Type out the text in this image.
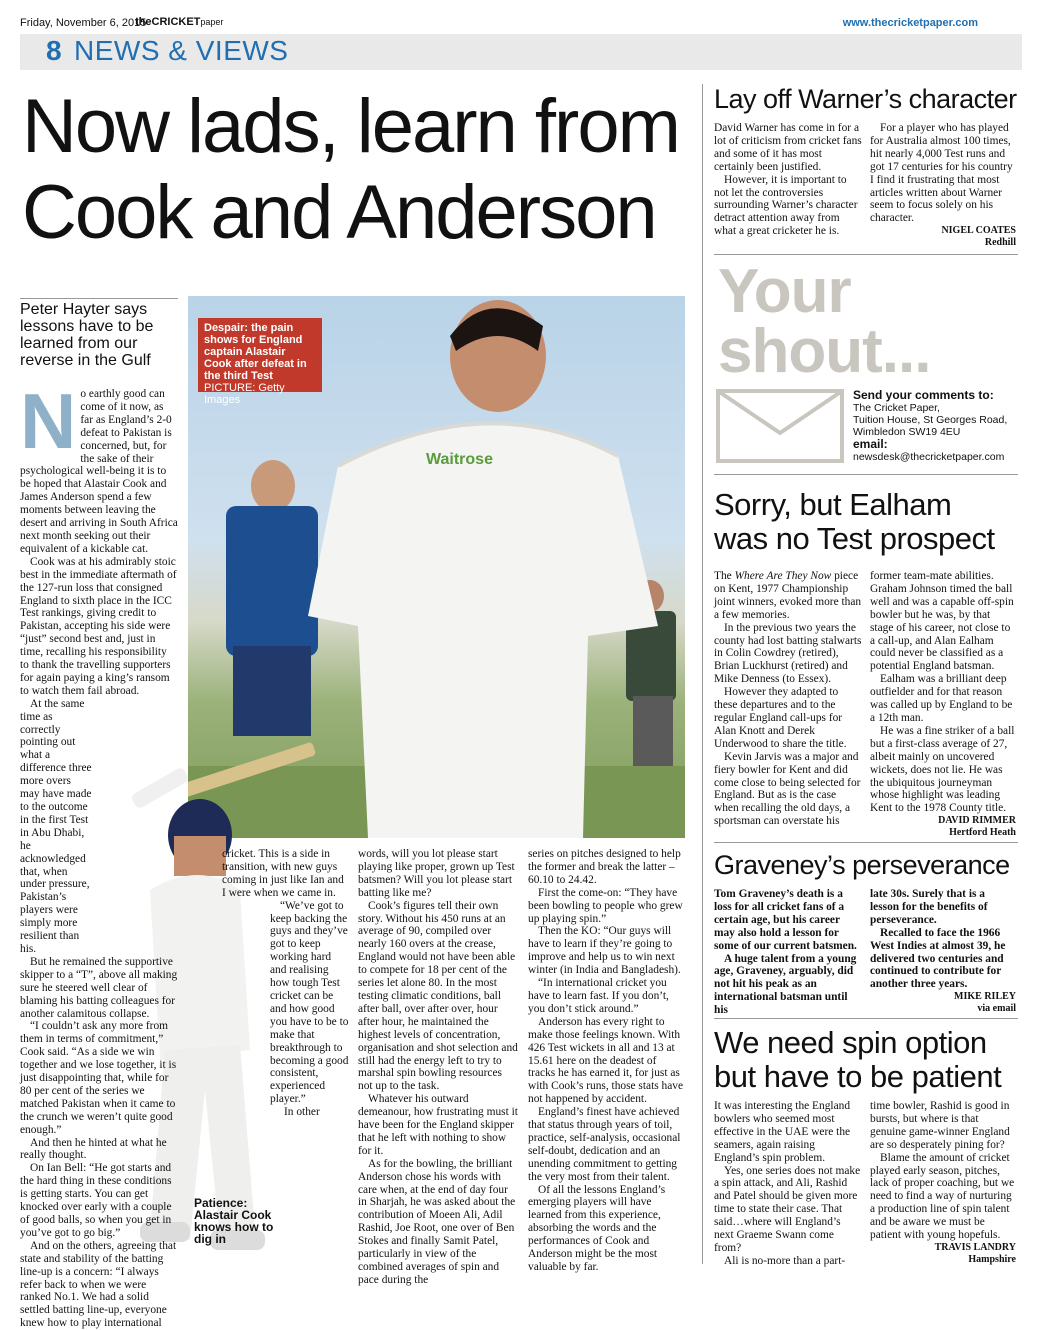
Friday, November 6, 2015
theCRICKETpaper	www.thecricketpaper.com
8 NEWS & VIEWS
Now lads, learn from
Cook and Anderson
Peter Hayter says lessons have to be learned from our reverse in the Gulf
Waitrose
Despair: the pain shows for England captain Alastair Cook after defeat in the third Test
PICTURE: Getty Images
N o earthly good can come of it now, as far as England’s 2-0 defeat to Pakistan is concerned, but, for the sake of their psychological well-being it is to be hoped that Alastair Cook and James Anderson spend a few moments between leaving the desert and arriving in South Africa next month seeking out their equivalent of a kickable cat.

Cook was at his admirably stoic best in the immediate aftermath of the 127-run loss that consigned England to sixth place in the ICC Test rankings, giving credit to Pakistan, accepting his side were “just” second best and, just in time, recalling his responsibility to thank the travelling supporters for again paying a king’s ransom to watch them fail abroad.

At the same time as correctly pointing out what a difference three more overs may have made to the outcome in the first Test in Abu Dhabi, he acknowledged that, when under pressure, Pakistan’s players were simply more resilient than his.

But he remained the supportive skipper to a “T”, above all making sure he steered well clear of blaming his batting colleagues for another calamitous collapse.

“I couldn’t ask any more from them in terms of commitment,” Cook said. “As a side we win together and we lose together, it is just disappointing that, while for 80 per cent of the series we matched Pakistan when it came to the crunch we weren’t quite good enough.”

And then he hinted at what he really thought.

On Ian Bell: “He got starts and the hard thing in these conditions is getting starts. You can get knocked over early with a couple of good balls, so when you get in you’ve got to go big.”

And on the others, agreeing that state and stability of the batting line-up is a concern: “I always refer back to when we were ranked No.1. We had a solid settled batting line-up, everyone knew how to play international

cricket. This is a side in transition, with new guys coming in just like Ian and I were when we came in.

“We’ve got to keep backing the guys and they’ve got to keep working hard and realising how tough Test cricket can be and how good you have to be to make that breakthrough to becoming a good consistent, experienced player.”

In other

Patience: Alastair Cook knows how to dig in

words, will you lot please start playing like proper, grown up Test batsmen? Will you lot please start batting like me?

Cook’s figures tell their own story. Without his 450 runs at an average of 90, compiled over nearly 160 overs at the crease, England would not have been able to compete for 18 per cent of the series let alone 80. In the most testing climatic conditions, ball after ball, over after over, hour after hour, he maintained the highest levels of concentration, organisation and shot selection and still had the energy left to try to marshal spin bowling resources not up to the task.

Whatever his outward demeanour, how frustrating must it have been for the England skipper that he left with nothing to show for it.

As for the bowling, the brilliant Anderson chose his words with care when, at the end of day four in Sharjah, he was asked about the contribution of Moeen Ali, Adil Rashid, Joe Root, one over of Ben Stokes and finally Samit Patel, particularly in view of the combined averages of spin and pace during the

series on pitches designed to help the former and break the latter – 60.10 to 24.42.

First the come-on: “They have been bowling to people who grew up playing spin.”

Then the KO: “Our guys will have to learn if they’re going to improve and help us to win next winter (in India and Bangladesh).

“In international cricket you have to learn fast. If you don’t, you don’t stick around.”

Anderson has every right to make those feelings known. With 426 Test wickets in all and 13 at 15.61 here on the deadest of tracks he has earned it, for just as with Cook’s runs, those stats have not happened by accident.

England’s finest have achieved that status through years of toil, practice, self-analysis, occasional self-doubt, dedication and an unending commitment to getting the very most from their talent.

Of all the lessons England’s emerging players will have learned from this experience, absorbing the words and the performances of Cook and Anderson might be the most valuable by far.

Lay off Warner’s character

David Warner has come in for a lot of criticism from cricket fans and some of it has most certainly been justified.

However, it is important to not let the controversies surrounding Warner’s character detract attention away from what a great cricketer he is.

For a player who has played for Australia almost 100 times, hit nearly 4,000 Test runs and got 17 centuries for his country I find it frustrating that most articles written about Warner seem to focus solely on his character.

NIGEL COATES
Redhill
Your
shout...
Send your comments to:
The Cricket Paper,
Tuition House, St Georges Road,
Wimbledon SW19 4EU
email:
newsdesk@thecricketpaper.com
Sorry, but Ealham
was no Test prospect

The Where Are They Now piece on Kent, 1977 Championship joint winners, evoked more than a few memories.

In the previous two years the county had lost batting stalwarts in Colin Cowdrey (retired), Brian Luckhurst (retired) and Mike Denness (to Essex).

However they adapted to these departures and to the regular England call-ups for Alan Knott and Derek Underwood to share the title.

Kevin Jarvis was a major and fiery bowler for Kent and did come close to being selected for England. But as is the case when recalling the old days, a sportsman can overstate his

former team-mate abilities. Graham Johnson timed the ball well and was a capable off-spin bowler but he was, by that stage of his career, not close to a call-up, and Alan Ealham could never be classified as a potential England batsman.

Ealham was a brilliant deep outfielder and for that reason was called up by England to be a 12th man.

He was a fine striker of a ball but a first-class average of 27, albeit mainly on uncovered wickets, does not lie. He was the ubiquitous journeyman whose highlight was leading Kent to the 1978 County title.

DAVID RIMMER
Hertford Heath
Graveney’s perseverance

Tom Graveney’s death is a loss for all cricket fans of a certain age, but his career may also hold a lesson for some of our current batsmen.

A huge talent from a young age, Graveney, arguably, did not hit his peak as an international batsman until his

late 30s. Surely that is a lesson for the benefits of perseverance.

Recalled to face the 1966 West Indies at almost 39, he delivered two centuries and continued to contribute for another three years.

MIKE RILEY
via email
We need spin option
but have to be patient

It was interesting the England bowlers who seemed most effective in the UAE were the seamers, again raising England’s spin problem.

Yes, one series does not make a spin attack, and Ali, Rashid and Patel should be given more time to state their case. That said…where will England’s next Graeme Swann come from?

Ali is no-more than a part-

time bowler, Rashid is good in bursts, but where is that genuine game-winner England are so desperately pining for?

Blame the amount of cricket played early season, pitches, lack of proper coaching, but we need to find a way of nurturing a production line of spin talent and be aware we must be patient with young hopefuls.

TRAVIS LANDRY
Hampshire
